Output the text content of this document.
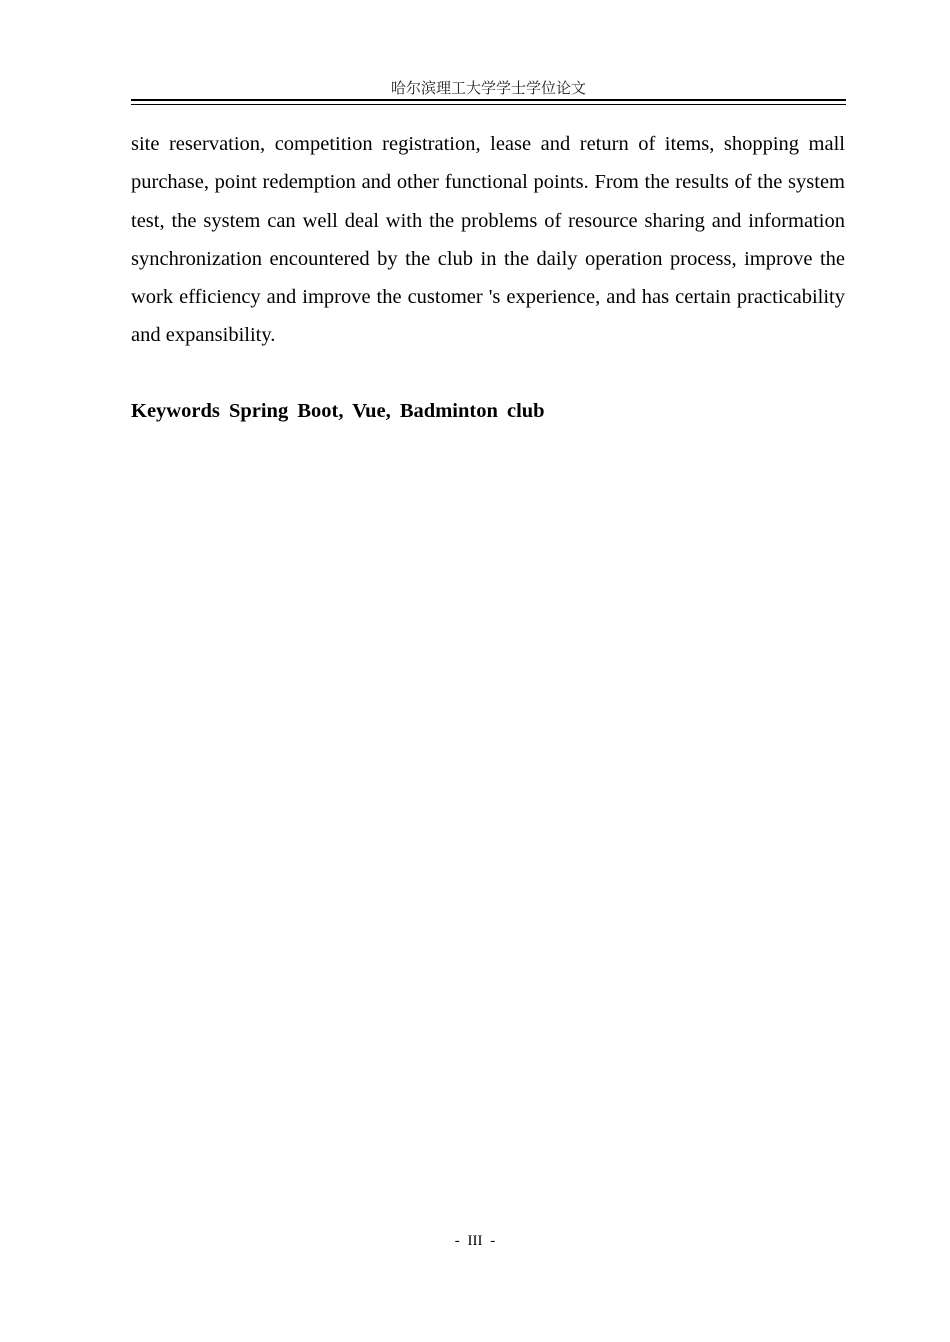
哈尔滨理工大学学士学位论文

site reservation, competition registration, lease and return of items, shopping mall purchase, point redemption and other functional points. From the results of the system test, the system can well deal with the problems of resource sharing and information synchronization encountered by the club in the daily operation process, improve the work efficiency and improve the customer 's experience, and has certain practicability and expansibility.

Keywords Spring Boot, Vue, Badminton club

- III -
